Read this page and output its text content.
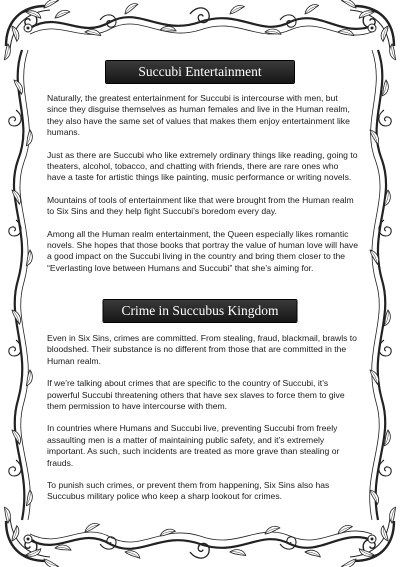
Succubi Entertainment

Naturally, the greatest entertainment for Succubi is intercourse with men, but since they disguise themselves as human females and live in the Human realm, they also have the same set of values that makes them enjoy entertainment like humans.

Just as there are Succubi who like extremely ordinary things like reading, going to theaters, alcohol, tobacco, and chatting with friends, there are rare ones who have a taste for artistic things like painting, music performance or writing novels.

Mountains of tools of entertainment like that were brought from the Human realm to Six Sins and they help fight Succubi’s boredom every day.

Among all the Human realm entertainment, the Queen especially likes romantic novels. She hopes that those books that portray the value of human love will have a good impact on the Succubi living in the country and bring them closer to the “Everlasting love between Humans and Succubi” that she’s aiming for.

Crime in Succubus Kingdom

Even in Six Sins, crimes are committed. From stealing, fraud, blackmail, brawls to bloodshed. Their substance is no different from those that are committed in the Human realm.

If we’re talking about crimes that are specific to the country of Succubi, it’s powerful Succubi threatening others that have sex slaves to force them to give them permission to have intercourse with them.

In countries where Humans and Succubi live, preventing Succubi from freely assaulting men is a matter of maintaining public safety, and it’s extremely important. As such, such incidents are treated as more grave than stealing or frauds.

To punish such crimes, or prevent them from happening, Six Sins also has Succubus military police who keep a sharp lookout for crimes.
